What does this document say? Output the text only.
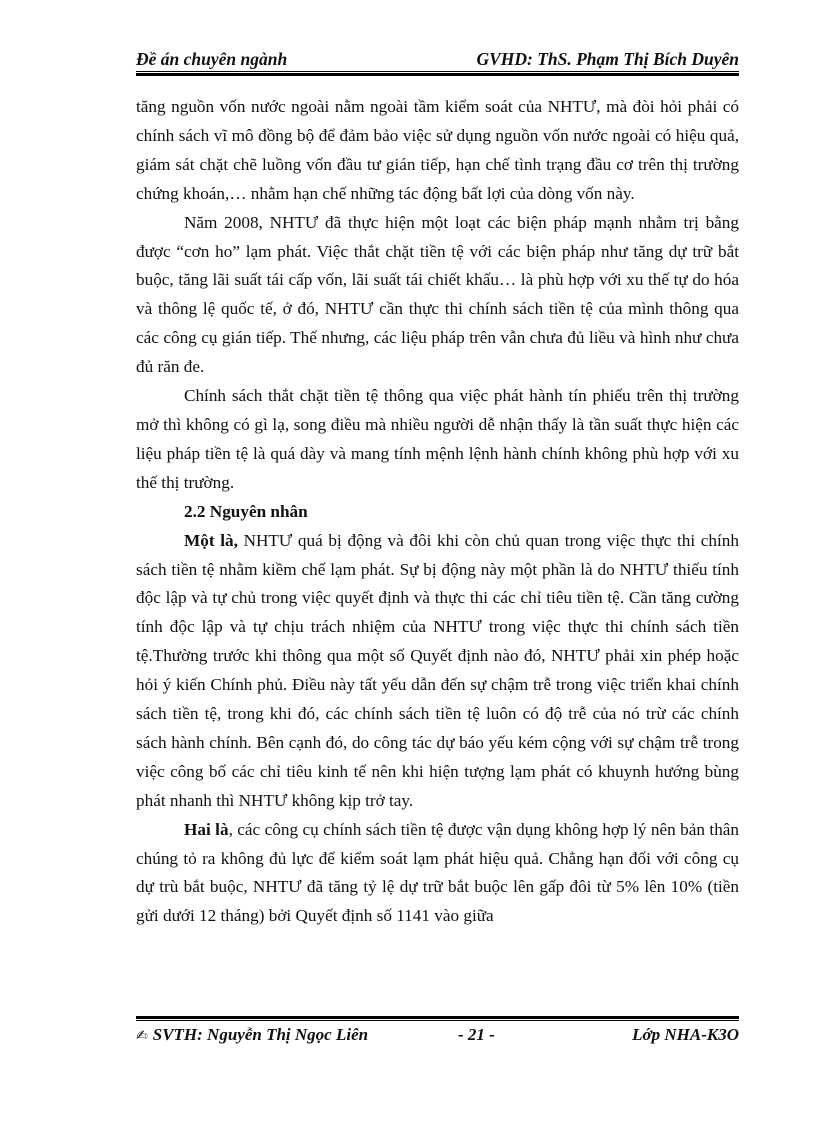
Đề án chuyên ngành	GVHD: ThS. Phạm Thị Bích Duyên

tăng nguồn vốn nước ngoài nằm ngoài tầm kiểm soát của NHTƯ, mà đòi hỏi phải có chính sách vĩ mô đồng bộ để đảm bảo việc sử dụng nguồn vốn nước ngoài có hiệu quả, giám sát chặt chẽ luồng vốn đầu tư gián tiếp, hạn chế tình trạng đầu cơ trên thị trường chứng khoán,… nhằm hạn chế những tác động bất lợi của dòng vốn này.

Năm 2008, NHTƯ đã thực hiện một loạt các biện pháp mạnh nhằm trị bằng được “cơn ho” lạm phát. Việc thắt chặt tiền tệ với các biện pháp như tăng dự trữ bắt buộc, tăng lãi suất tái cấp vốn, lãi suất tái chiết khấu… là phù hợp với xu thế tự do hóa và thông lệ quốc tế, ở đó, NHTƯ cần thực thi chính sách tiền tệ của mình thông qua các công cụ gián tiếp. Thế nhưng, các liệu pháp trên vẫn chưa đủ liều và hình như chưa đủ răn đe.

Chính sách thắt chặt tiền tệ thông qua việc phát hành tín phiếu trên thị trường mở thì không có gì lạ, song điều mà nhiều người dễ nhận thấy là tần suất thực hiện các liệu pháp tiền tệ là quá dày và mang tính mệnh lệnh hành chính không phù hợp với xu thế thị trường.

2.2 Nguyên nhân

Một là, NHTƯ quá bị động và đôi khi còn chủ quan trong việc thực thi chính sách tiền tệ nhằm kiềm chế lạm phát. Sự bị động này một phần là do NHTƯ thiếu tính độc lập và tự chủ trong việc quyết định và thực thi các chỉ tiêu tiền tệ. Cần tăng cường tính độc lập và tự chịu trách nhiệm của NHTƯ trong việc thực thi chính sách tiền tệ.Thường trước khi thông qua một số Quyết định nào đó, NHTƯ phải xin phép hoặc hỏi ý kiến Chính phủ. Điều này tất yếu dẫn đến sự chậm trễ trong việc triển khai chính sách tiền tệ, trong khi đó, các chính sách tiền tệ luôn có độ trễ của nó trừ các chính sách hành chính. Bên cạnh đó, do công tác dự báo yếu kém cộng với sự chậm trễ trong việc công bố các chỉ tiêu kinh tế nên khi hiện tượng lạm phát có khuynh hướng bùng phát nhanh thì NHTƯ không kịp trở tay.

Hai là, các công cụ chính sách tiền tệ được vận dụng không hợp lý nên bản thân chúng tỏ ra không đủ lực để kiểm soát lạm phát hiệu quả. Chẳng hạn đối với công cụ dự trù bắt buộc, NHTƯ đã tăng tỷ lệ dự trữ bắt buộc lên gấp đôi từ 5% lên 10% (tiền gửi dưới 12 tháng) bởi Quyết định số 1141 vào giữa

✍ SVTH: Nguyễn Thị Ngọc Liên	- 21 -	Lớp NHA-K3O
